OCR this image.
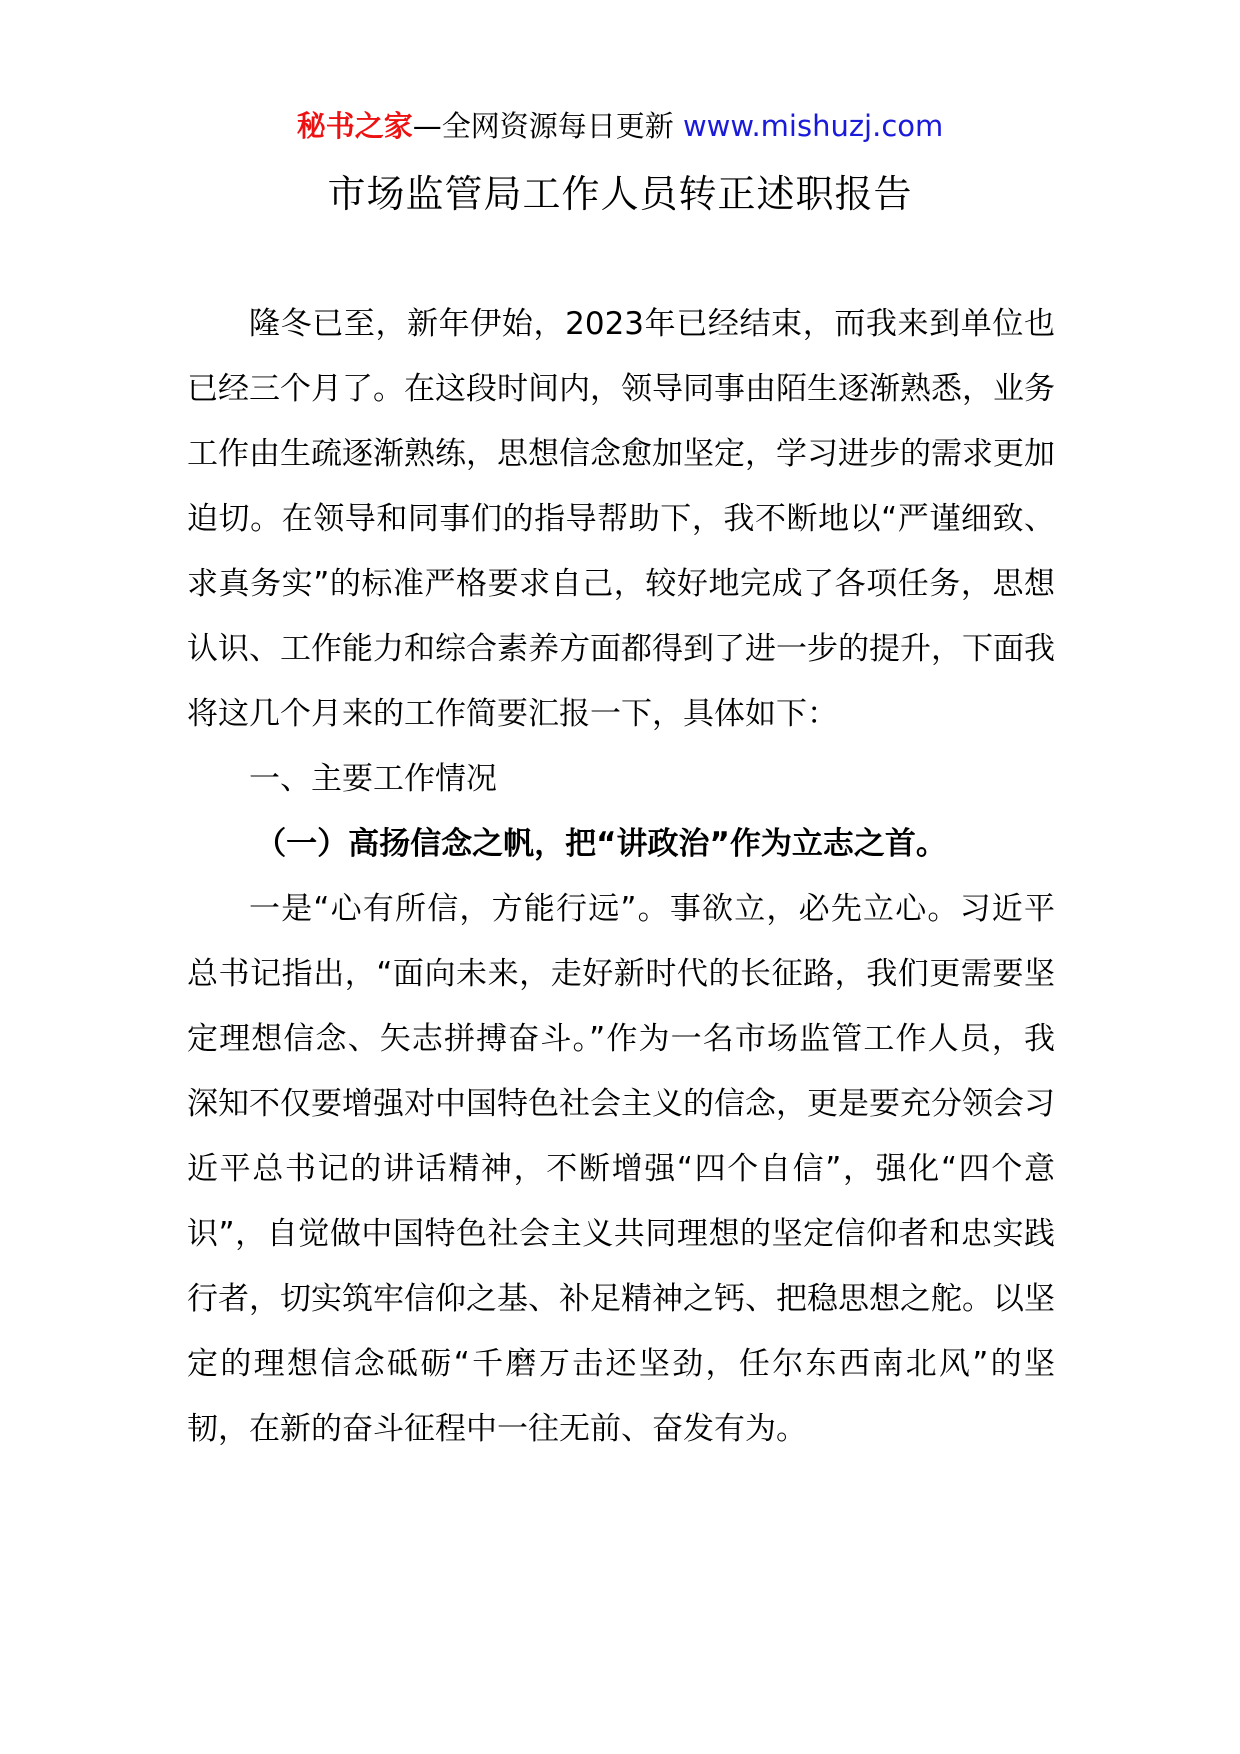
秘书之家—全网资源每日更新 www.mishuzj.com
市场监管局工作人员转正述职报告

隆冬已至，新年伊始，2023年已经结束，而我来到单位也已经三个月了。在这段时间内，领导同事由陌生逐渐熟悉，业务工作由生疏逐渐熟练，思想信念愈加坚定，学习进步的需求更加迫切。在领导和同事们的指导帮助下，我不断地以“严谨细致、求真务实”的标准严格要求自己，较好地完成了各项任务，思想认识、工作能力和综合素养方面都得到了进一步的提升，下面我将这几个月来的工作简要汇报一下，具体如下：

一、主要工作情况

（一）高扬信念之帆，把“讲政治”作为立志之首。

一是“心有所信，方能行远”。事欲立，必先立心。习近平总书记指出，“面向未来，走好新时代的长征路，我们更需要坚定理想信念、矢志拼搏奋斗。”作为一名市场监管工作人员，我深知不仅要增强对中国特色社会主义的信念，更是要充分领会习近平总书记的讲话精神，不断增强“四个自信”，强化“四个意识”，自觉做中国特色社会主义共同理想的坚定信仰者和忠实践行者，切实筑牢信仰之基、补足精神之钙、把稳思想之舵。以坚定的理想信念砥砺“千磨万击还坚劲，任尔东西南北风”的坚韧，在新的奋斗征程中一往无前、奋发有为。
